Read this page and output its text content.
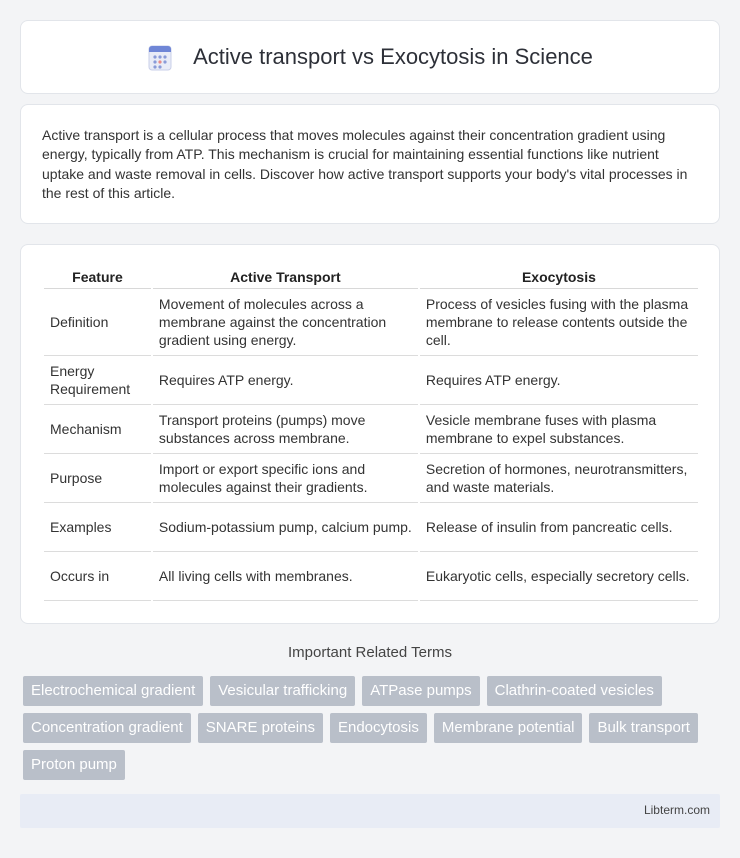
Active transport vs Exocytosis in Science

Active transport is a cellular process that moves molecules against their concentration gradient using energy, typically from ATP. This mechanism is crucial for maintaining essential functions like nutrient uptake and waste removal in cells. Discover how active transport supports your body's vital processes in the rest of this article.

Feature	Active Transport	Exocytosis
Definition	Movement of molecules across a membrane against the concentration gradient using energy.	Process of vesicles fusing with the plasma membrane to release contents outside the cell.
Energy Requirement	Requires ATP energy.	Requires ATP energy.
Mechanism	Transport proteins (pumps) move substances across membrane.	Vesicle membrane fuses with plasma membrane to expel substances.
Purpose	Import or export specific ions and molecules against their gradients.	Secretion of hormones, neurotransmitters, and waste materials.
Examples	Sodium-potassium pump, calcium pump.	Release of insulin from pancreatic cells.
Occurs in	All living cells with membranes.	Eukaryotic cells, especially secretory cells.
Important Related Terms
Electrochemical gradient	Vesicular trafficking	ATPase pumps	Clathrin-coated vesicles
Concentration gradient	SNARE proteins	Endocytosis	Membrane potential	Bulk transport
Proton pump
Libterm.com
